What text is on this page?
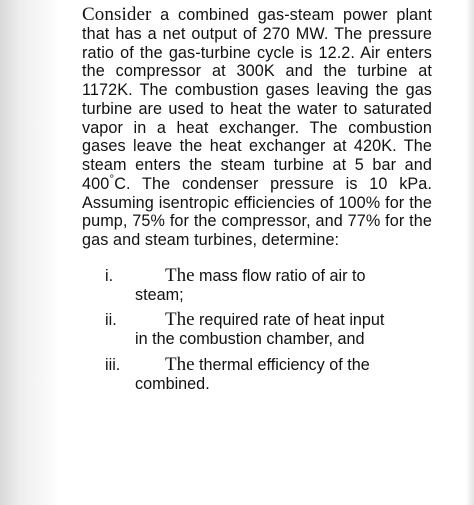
Consider a combined gas-steam power plant that has a net output of 270 MW. The pressure ratio of the gas-turbine cycle is 12.2. Air enters the compressor at 300K and the turbine at 1172K. The combustion gases leaving the gas turbine are used to heat the water to saturated vapor in a heat exchanger. The combustion gases leave the heat exchanger at 420K. The steam enters the steam turbine at 5 bar and 400°C. The condenser pressure is 10 kPa. Assuming isentropic efficiencies of 100% for the pump, 75% for the compressor, and 77% for the gas and steam turbines, determine:

i.	The mass flow ratio of air to
steam;
ii.	The required rate of heat input
in the combustion chamber, and
iii.	The thermal efficiency of the
combined.
